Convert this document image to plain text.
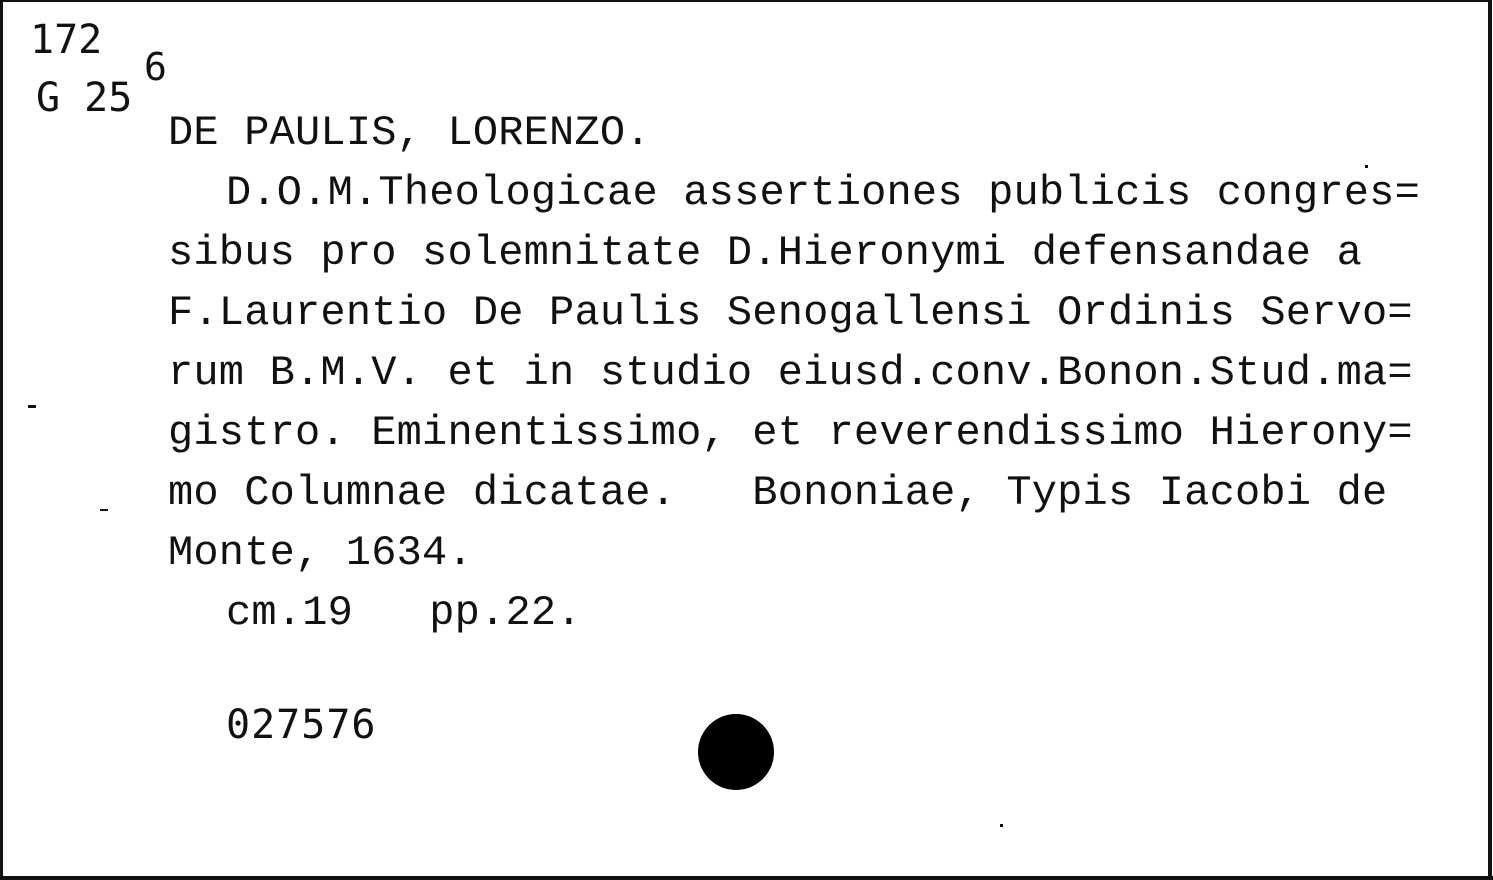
172
G 25
6
DE PAULIS, LORENZO.
D.O.M.Theologicae assertiones publicis congres=
sibus pro solemnitate D.Hieronymi defensandae a
F.Laurentio De Paulis Senogallensi Ordinis Servo=
rum B.M.V. et in studio eiusd.conv.Bonon.Stud.ma=
gistro. Eminentissimo, et reverendissimo Hierony=
mo Columnae dicatae.   Bononiae, Typis Iacobi de
Monte, 1634.
cm.19   pp.22.
027576
